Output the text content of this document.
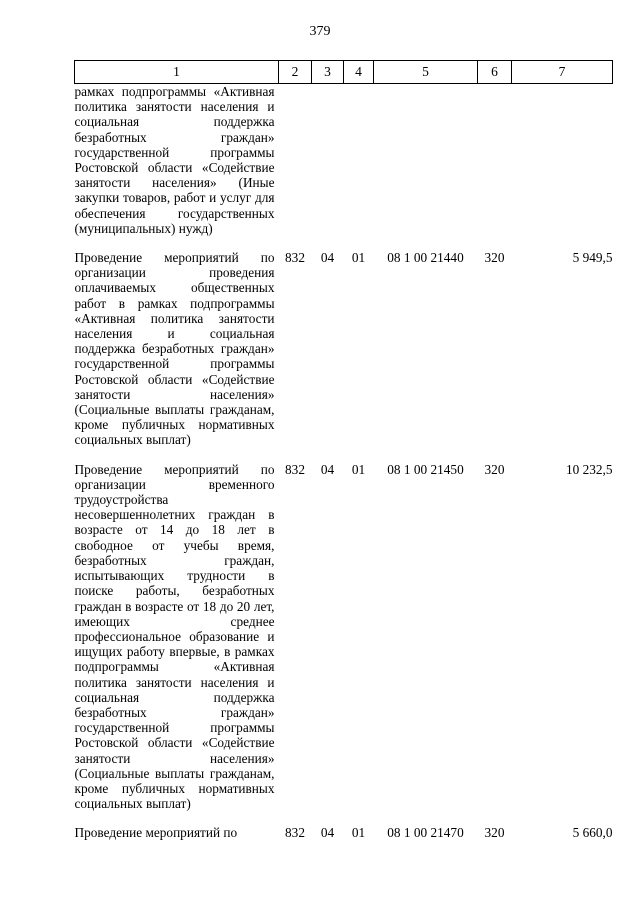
379
1	2	3	4	5	6	7
рамках подпрограммы «Активная политика занятости населения и социальная поддержка безработных граждан» государственной программы Ростовской области «Содействие занятости населения» (Иные закупки товаров, работ и услуг для обеспечения государственных (муниципальных) нужд)						

Проведение мероприятий по организации проведения оплачиваемых общественных работ в рамках подпрограммы «Активная политика занятости населения и социальная поддержка безработных граждан» государственной программы Ростовской области «Содействие занятости населения» (Социальные выплаты гражданам, кроме публичных нормативных социальных выплат)	832	04	01	08 1 00 21440	320	5 949,5

Проведение мероприятий по организации временного трудоустройства несовершеннолетних граждан в возрасте от 14 до 18 лет в свободное от учебы время, безработных граждан, испытывающих трудности в поиске работы, безработных граждан в возрасте от 18 до 20 лет, имеющих среднее профессиональное образование и ищущих работу впервые, в рамках подпрограммы «Активная политика занятости населения и социальная поддержка безработных граждан» государственной программы Ростовской области «Содействие занятости населения» (Социальные выплаты гражданам, кроме публичных нормативных социальных выплат)	832	04	01	08 1 00 21450	320	10 232,5

Проведение мероприятий по	832	04	01	08 1 00 21470	320	5 660,0
